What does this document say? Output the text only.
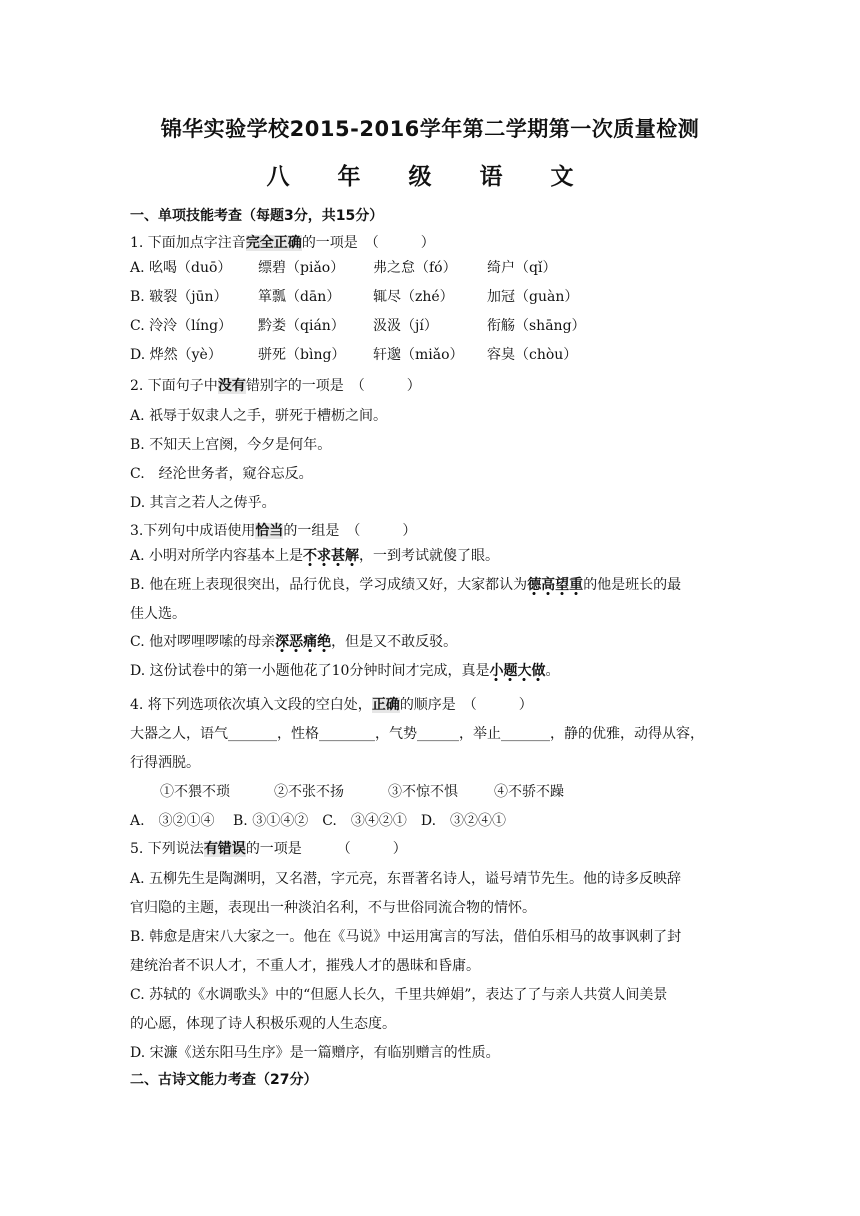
锦华实验学校2015-2016学年第二学期第一次质量检测
八 年 级 语 文
一、单项技能考查（每题3分，共15分）
1. 下面加点字注音完全正确的一项是　（　　　）
A. 吆喝（duō） 缥碧（piǎo） 弗之怠（fó） 绮户（qǐ）
B. 皲裂（jūn） 箪瓢（dān） 辄尽（zhé） 加冠（guàn）
C. 泠泠（líng） 黔娄（qián） 汲汲（jí）	衔觞（shāng）
D. 烨然（yè）	骈死（bìng） 轩邈（miǎo） 容臭（chòu）
2. 下面句子中没有错别字的一项是　（　　　）
A. 祇辱于奴隶人之手，骈死于槽枥之间。
B. 不知天上宫阕，今夕是何年。
C.　经沦世务者，窥谷忘反。
D. 其言之若人之俦乎。
3.下列句中成语使用恰当的一组是　（　　　）
A. 小明对所学内容基本上是不求甚解，一到考试就傻了眼。
B. 他在班上表现很突出，品行优良，学习成绩又好，大家都认为德高望重的他是班长的最
佳人选。
C. 他对啰哩啰嗦的母亲深恶痛绝，但是又不敢反驳。
D. 这份试卷中的第一小题他花了10分钟时间才完成，真是小题大做。
4. 将下列选项依次填入文段的空白处，正确的顺序是　（　　　）
大器之人，语气_______，性格________，气势______，举止_______，静的优雅，动得从容，
行得洒脱。
①不猥不琐	②不张不扬	③不惊不惧	④不骄不躁
A.　③②①④　 B. ③①④②　C.　③④②①　D.　③②④①
5. 下列说法有错误的一项是　　　（　　　）
A. 五柳先生是陶渊明，又名潜，字元亮，东晋著名诗人，谥号靖节先生。他的诗多反映辞
官归隐的主题，表现出一种淡泊名利，不与世俗同流合物的情怀。
B. 韩愈是唐宋八大家之一。他在《马说》中运用寓言的写法，借伯乐相马的故事讽刺了封
建统治者不识人才，不重人才，摧残人才的愚昧和昏庸。
C. 苏轼的《水调歌头》中的“但愿人长久，千里共婵娟”，表达了了与亲人共赏人间美景
的心愿，体现了诗人积极乐观的人生态度。
D. 宋濂《送东阳马生序》是一篇赠序，有临别赠言的性质。
二、古诗文能力考查（27分）
